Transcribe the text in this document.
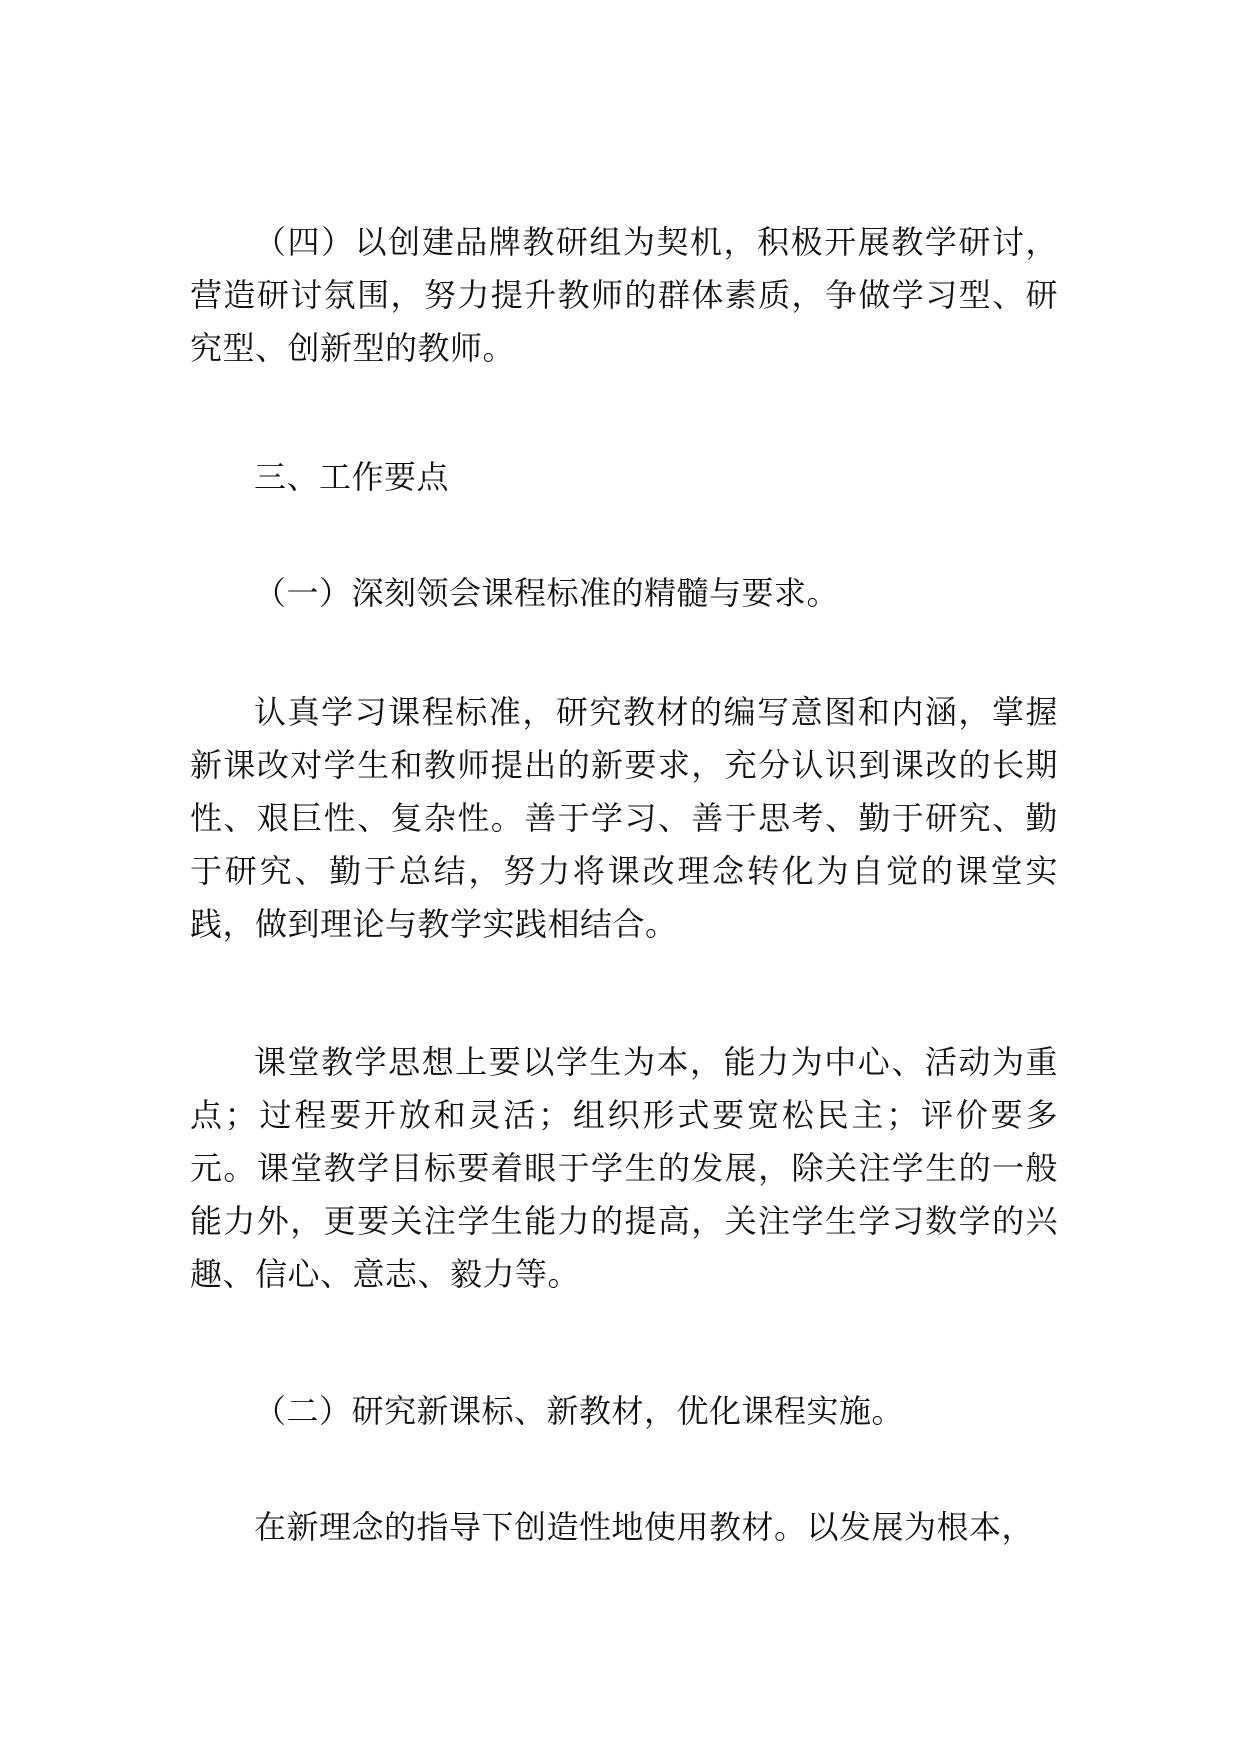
（四）以创建品牌教研组为契机，积极开展教学研讨，营造研讨氛围，努力提升教师的群体素质，争做学习型、研究型、创新型的教师。

三、工作要点

（一）深刻领会课程标准的精髓与要求。

认真学习课程标准，研究教材的编写意图和内涵，掌握新课改对学生和教师提出的新要求，充分认识到课改的长期性、艰巨性、复杂性。善于学习、善于思考、勤于研究、勤于研究、勤于总结，努力将课改理念转化为自觉的课堂实践，做到理论与教学实践相结合。

课堂教学思想上要以学生为本，能力为中心、活动为重点；过程要开放和灵活；组织形式要宽松民主；评价要多元。课堂教学目标要着眼于学生的发展，除关注学生的一般能力外，更要关注学生能力的提高，关注学生学习数学的兴趣、信心、意志、毅力等。

（二）研究新课标、新教材，优化课程实施。

在新理念的指导下创造性地使用教材。以发展为根本，
